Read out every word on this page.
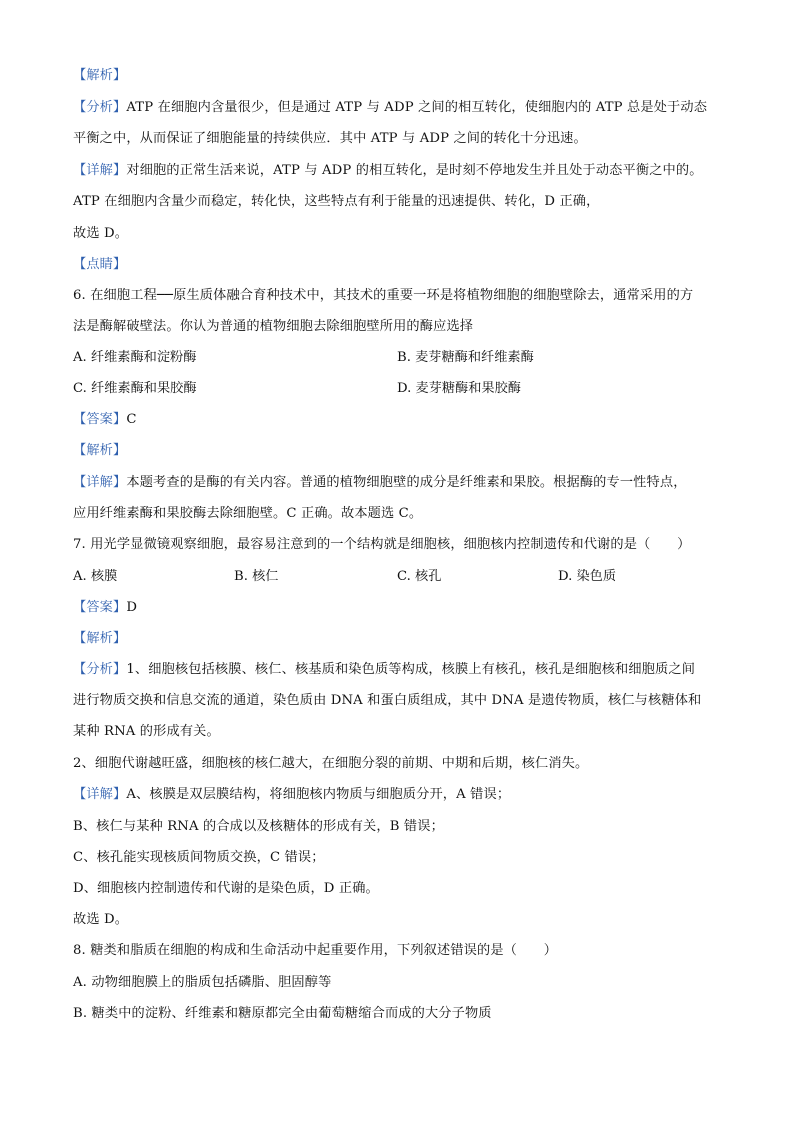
【解析】
【分析】ATP 在细胞内含量很少，但是通过 ATP 与 ADP 之间的相互转化，使细胞内的 ATP 总是处于动态
平衡之中，从而保证了细胞能量的持续供应．其中 ATP 与 ADP 之间的转化十分迅速。
【详解】对细胞的正常生活来说，ATP 与 ADP 的相互转化，是时刻不停地发生并且处于动态平衡之中的。
ATP 在细胞内含量少而稳定，转化快，这些特点有利于能量的迅速提供、转化，D 正确，
故选 D。
【点睛】
6. 在细胞工程──原生质体融合育种技术中，其技术的重要一环是将植物细胞的细胞壁除去，通常采用的方
法是酶解破壁法。你认为普通的植物细胞去除细胞壁所用的酶应选择
A. 纤维素酶和淀粉酶	B. 麦芽糖酶和纤维素酶
C. 纤维素酶和果胶酶	D. 麦芽糖酶和果胶酶
【答案】C
【解析】
【详解】本题考查的是酶的有关内容。普通的植物细胞壁的成分是纤维素和果胶。根据酶的专一性特点，
应用纤维素酶和果胶酶去除细胞壁。C 正确。故本题选 C。
7. 用光学显微镜观察细胞，最容易注意到的一个结构就是细胞核，细胞核内控制遗传和代谢的是（　　）
A. 核膜	B. 核仁	C. 核孔	D. 染色质
【答案】D
【解析】
【分析】1、细胞核包括核膜、核仁、核基质和染色质等构成，核膜上有核孔，核孔是细胞核和细胞质之间
进行物质交换和信息交流的通道，染色质由 DNA 和蛋白质组成，其中 DNA 是遗传物质，核仁与核糖体和
某种 RNA 的形成有关。
2、细胞代谢越旺盛，细胞核的核仁越大，在细胞分裂的前期、中期和后期，核仁消失。
【详解】A、核膜是双层膜结构，将细胞核内物质与细胞质分开，A 错误；
B、核仁与某种 RNA 的合成以及核糖体的形成有关，B 错误；
C、核孔能实现核质间物质交换，C 错误；
D、细胞核内控制遗传和代谢的是染色质，D 正确。
故选 D。
8. 糖类和脂质在细胞的构成和生命活动中起重要作用，下列叙述错误的是（　　）
A. 动物细胞膜上的脂质包括磷脂、胆固醇等
B. 糖类中的淀粉、纤维素和糖原都完全由葡萄糖缩合而成的大分子物质
